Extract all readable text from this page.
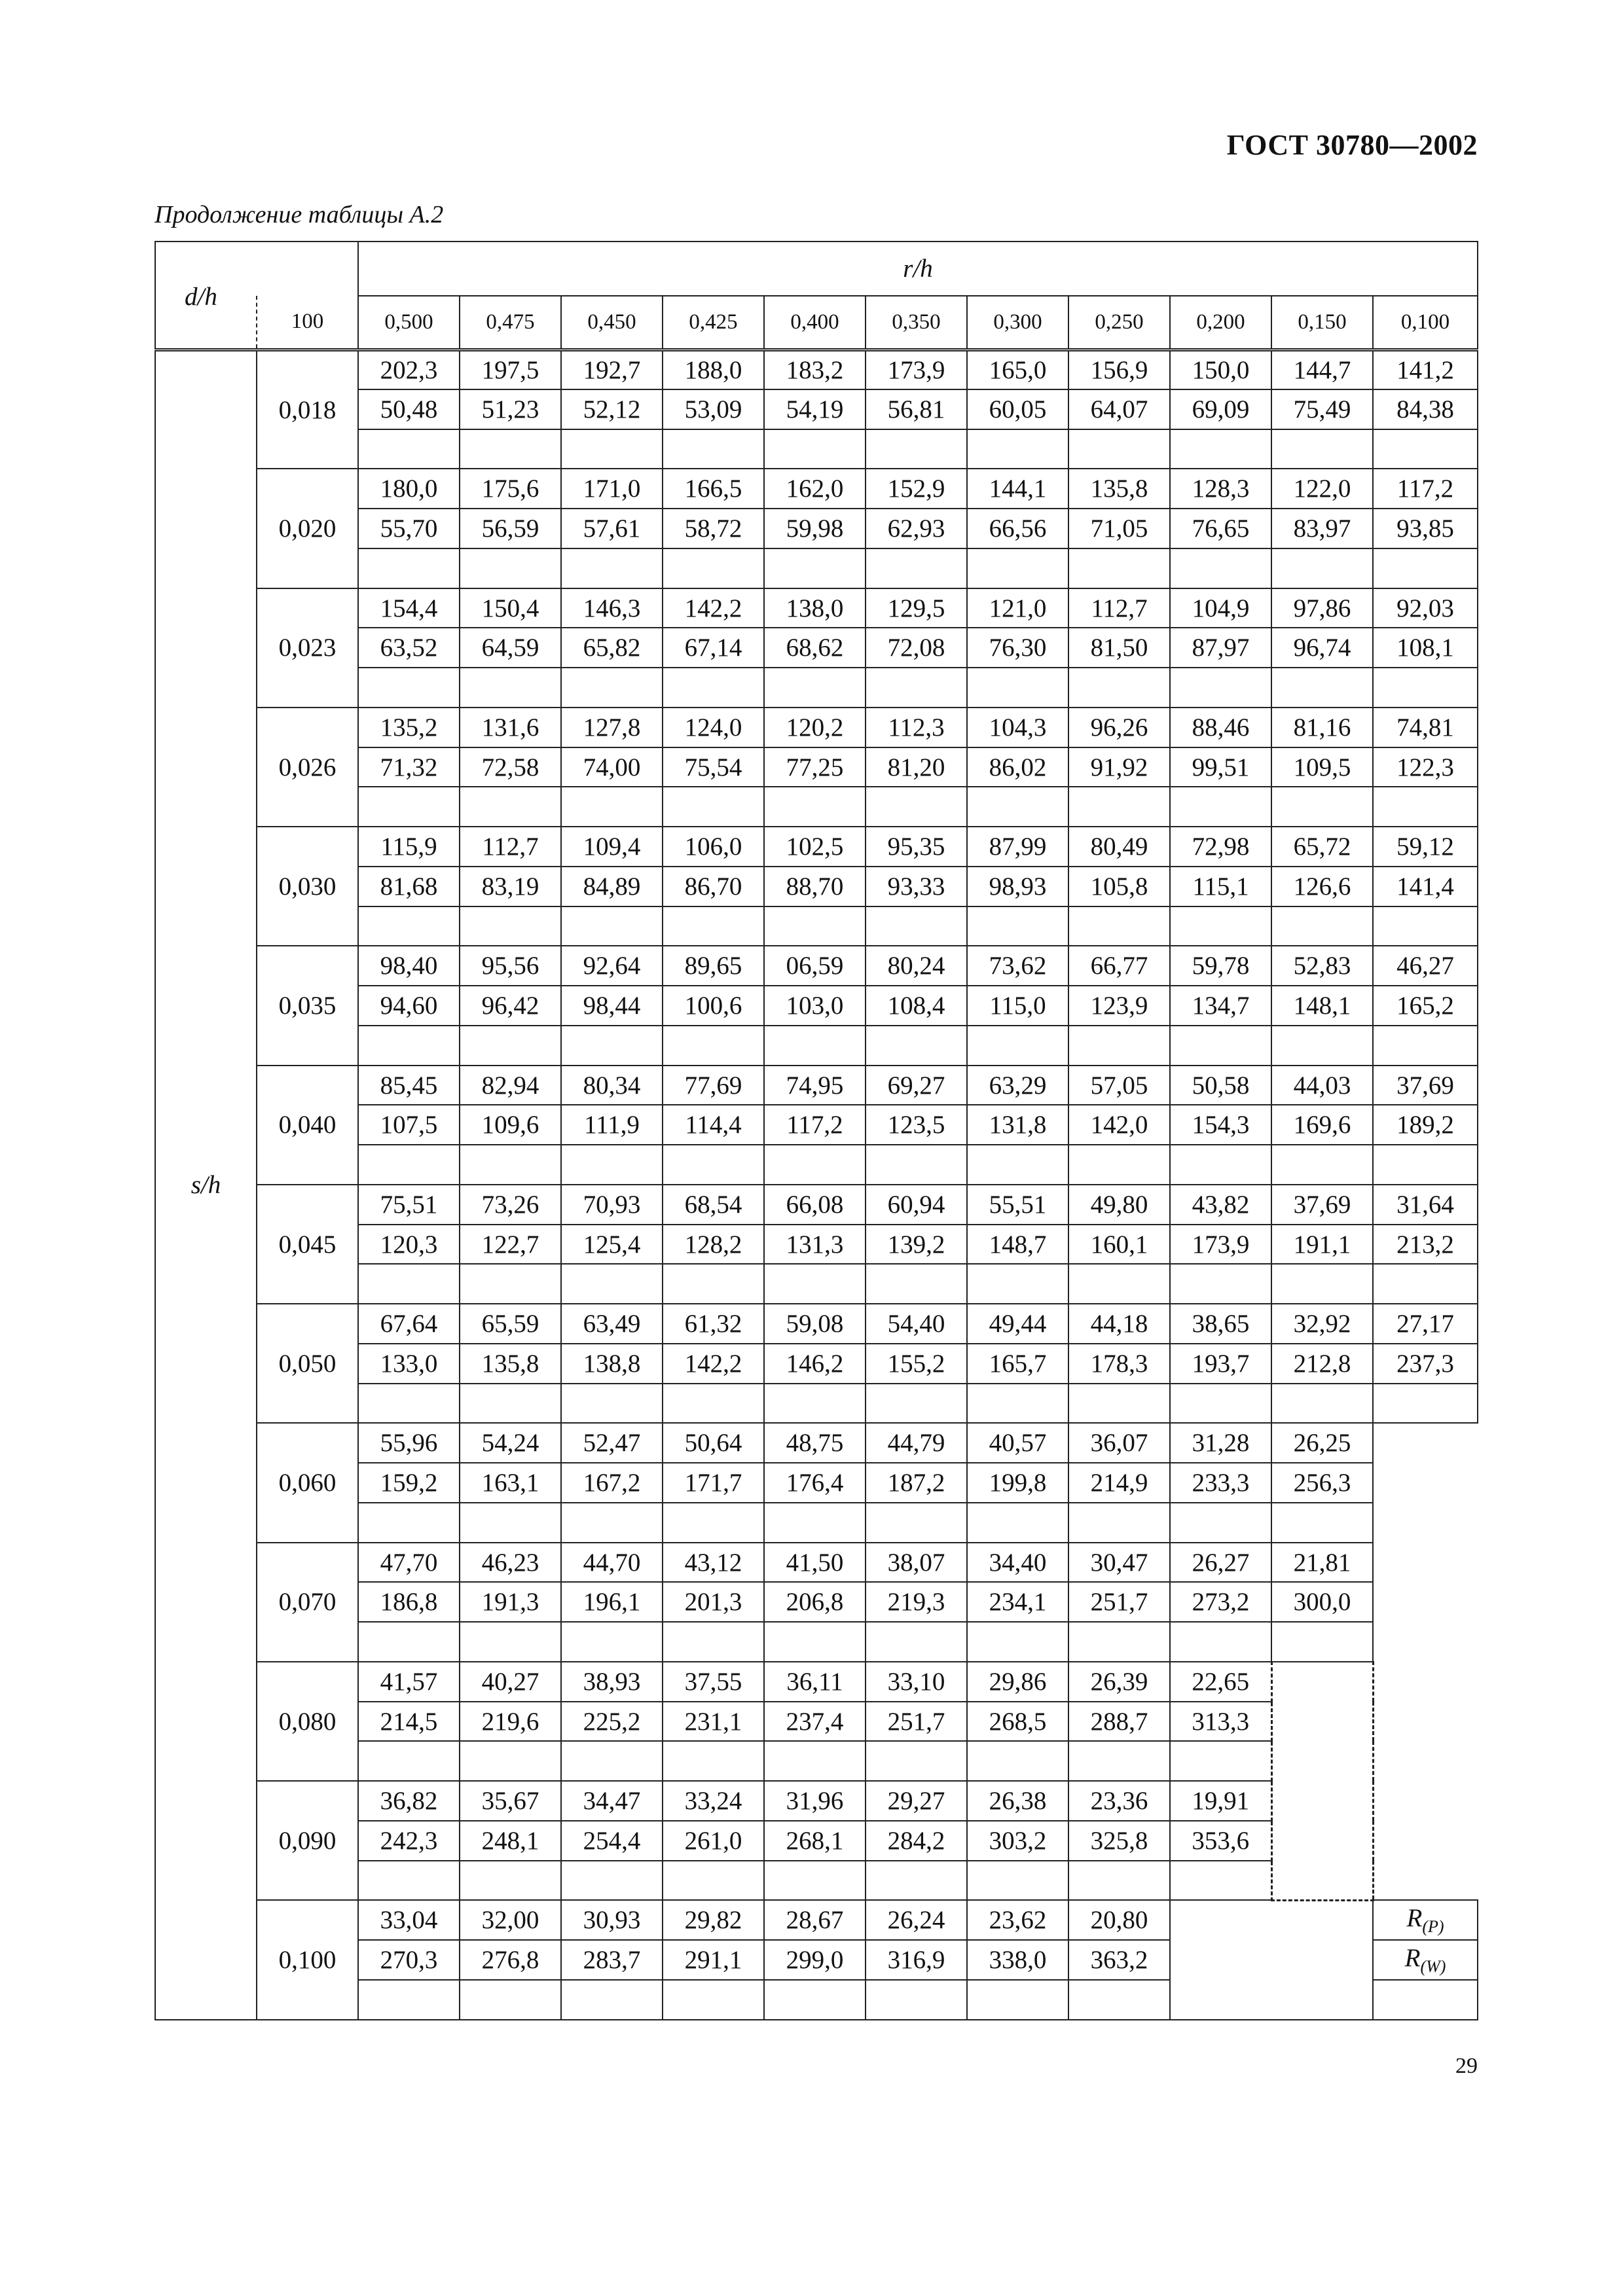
ГОСТ 30780—2002
Продолжение таблицы А.2
d/h		r/h										
	100	0,500	0,475	0,450	0,425	0,400	0,350	0,300	0,250	0,200	0,150	0,100
s/h	0,018	202,3	197,5	192,7	188,0	183,2	173,9	165,0	156,9	150,0	144,7	141,2
		50,48	51,23	52,12	53,09	54,19	56,81	60,05	64,07	69,09	75,49	84,38

	0,020	180,0	175,6	171,0	166,5	162,0	152,9	144,1	135,8	128,3	122,0	117,2
		55,70	56,59	57,61	58,72	59,98	62,93	66,56	71,05	76,65	83,97	93,85

	0,023	154,4	150,4	146,3	142,2	138,0	129,5	121,0	112,7	104,9	97,86	92,03
		63,52	64,59	65,82	67,14	68,62	72,08	76,30	81,50	87,97	96,74	108,1

	0,026	135,2	131,6	127,8	124,0	120,2	112,3	104,3	96,26	88,46	81,16	74,81
		71,32	72,58	74,00	75,54	77,25	81,20	86,02	91,92	99,51	109,5	122,3

	0,030	115,9	112,7	109,4	106,0	102,5	95,35	87,99	80,49	72,98	65,72	59,12
		81,68	83,19	84,89	86,70	88,70	93,33	98,93	105,8	115,1	126,6	141,4

	0,035	98,40	95,56	92,64	89,65	06,59	80,24	73,62	66,77	59,78	52,83	46,27
		94,60	96,42	98,44	100,6	103,0	108,4	115,0	123,9	134,7	148,1	165,2

	0,040	85,45	82,94	80,34	77,69	74,95	69,27	63,29	57,05	50,58	44,03	37,69
		107,5	109,6	111,9	114,4	117,2	123,5	131,8	142,0	154,3	169,6	189,2

	0,045	75,51	73,26	70,93	68,54	66,08	60,94	55,51	49,80	43,82	37,69	31,64
		120,3	122,7	125,4	128,2	131,3	139,2	148,7	160,1	173,9	191,1	213,2

	0,050	67,64	65,59	63,49	61,32	59,08	54,40	49,44	44,18	38,65	32,92	27,17
		133,0	135,8	138,8	142,2	146,2	155,2	165,7	178,3	193,7	212,8	237,3

	0,060	55,96	54,24	52,47	50,64	48,75	44,79	40,57	36,07	31,28	26,25	
		159,2	163,1	167,2	171,7	176,4	187,2	199,8	214,9	233,3	256,3	

	0,070	47,70	46,23	44,70	43,12	41,50	38,07	34,40	30,47	26,27	21,81	
		186,8	191,3	196,1	201,3	206,8	219,3	234,1	251,7	273,2	300,0	

	0,080	41,57	40,27	38,93	37,55	36,11	33,10	29,86	26,39	22,65		
		214,5	219,6	225,2	231,1	237,4	251,7	268,5	288,7	313,3		

	0,090	36,82	35,67	34,47	33,24	31,96	29,27	26,38	23,36	19,91		
		242,3	248,1	254,4	261,0	268,1	284,2	303,2	325,8	353,6		

	0,100	33,04	32,00	30,93	29,82	28,67	26,24	23,62	20,80			$R_{(P)}$
		270,3	276,8	283,7	291,1	299,0	316,9	338,0	363,2			$R_{(W)}$

29
